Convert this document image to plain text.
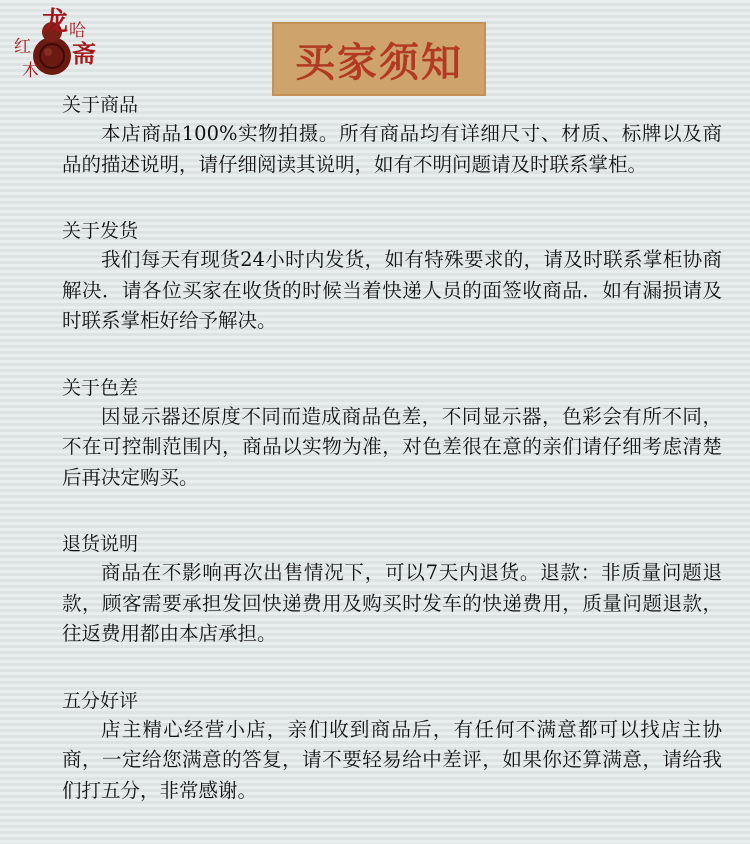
龙 哈
红
木
斋	买家须知
关于商品
本店商品100%实物拍摄。所有商品均有详细尺寸、材质、标牌以及商品的描述说明，请仔细阅读其说明，如有不明问题请及时联系掌柜。
关于发货
我们每天有现货24小时内发货，如有特殊要求的，请及时联系掌柜协商解决．请各位买家在收货的时候当着快递人员的面签收商品．如有漏损请及时联系掌柜好给予解决。
关于色差
因显示器还原度不同而造成商品色差，不同显示器，色彩会有所不同，不在可控制范围内，商品以实物为准，对色差很在意的亲们请仔细考虑清楚后再决定购买。
退货说明
商品在不影响再次出售情况下，可以7天内退货。退款：非质量问题退款，顾客需要承担发回快递费用及购买时发车的快递费用，质量问题退款，往返费用都由本店承担。
五分好评
店主精心经营小店，亲们收到商品后，有任何不满意都可以找店主协商，一定给您满意的答复，请不要轻易给中差评，如果你还算满意，请给我们打五分，非常感谢。
